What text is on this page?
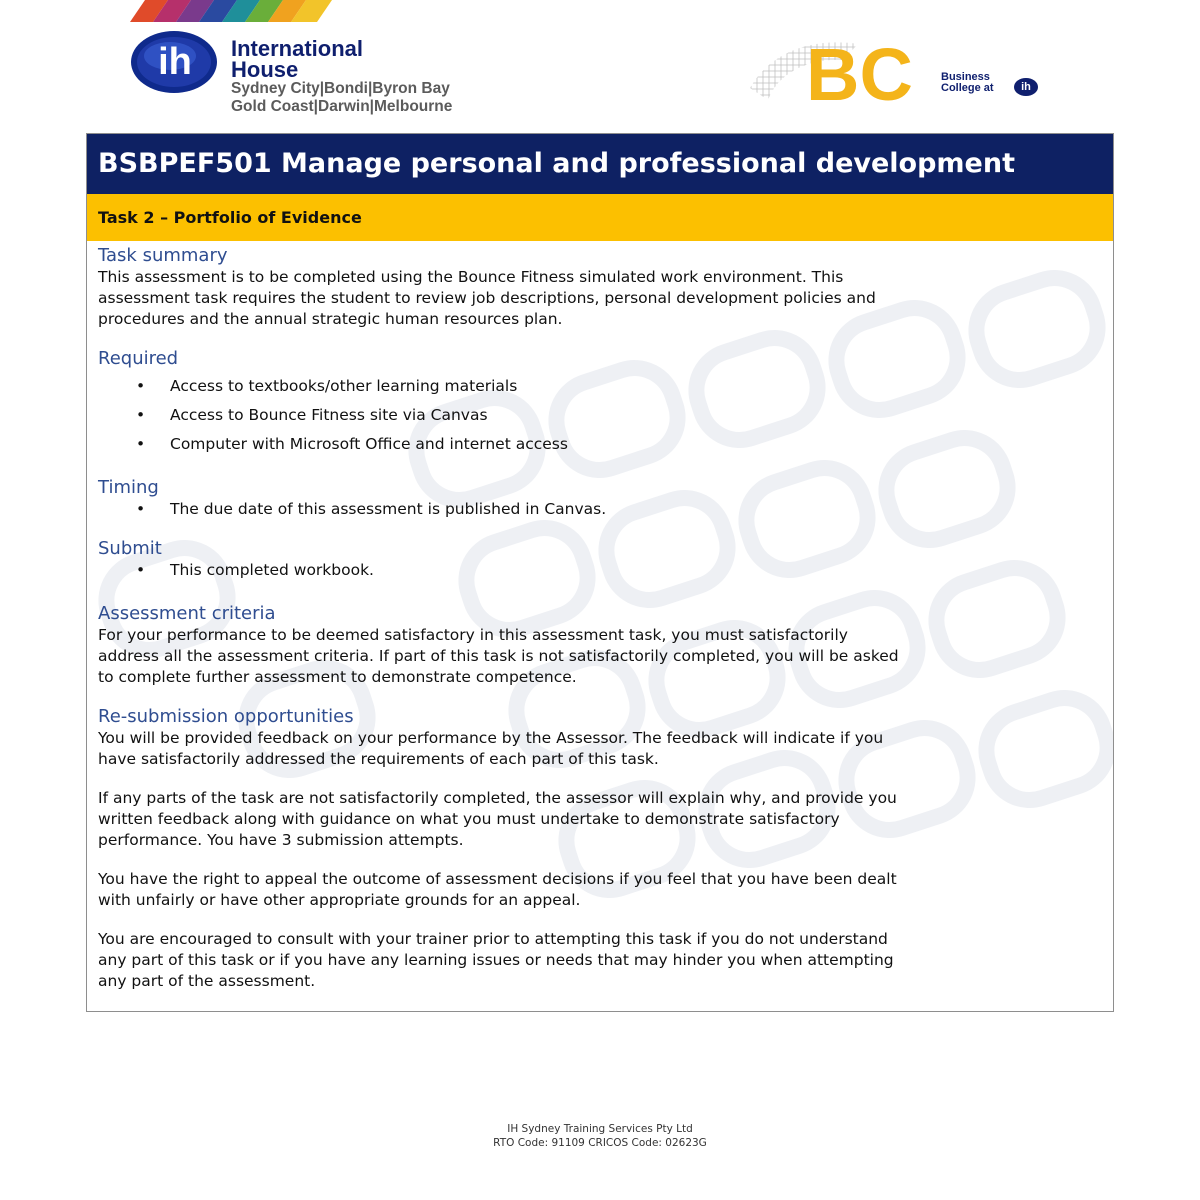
ih International
House
Sydney City|Bondi|Byron Bay
Gold Coast|Darwin|Melbourne	BC	Business
College at	ih
BSBPEF501 Manage personal and professional development
Task 2 – Portfolio of Evidence
Task summary

This assessment is to be completed using the Bounce Fitness simulated work environment. This
assessment task requires the student to review job descriptions, personal development policies and
procedures and the annual strategic human resources plan.

Required
• Access to textbooks/other learning materials
• Access to Bounce Fitness site via Canvas
• Computer with Microsoft Office and internet access
Timing
• The due date of this assessment is published in Canvas.
Submit
• This completed workbook.
Assessment criteria

For your performance to be deemed satisfactory in this assessment task, you must satisfactorily
address all the assessment criteria. If part of this task is not satisfactorily completed, you will be asked
to complete further assessment to demonstrate competence.

Re-submission opportunities

You will be provided feedback on your performance by the Assessor. The feedback will indicate if you
have satisfactorily addressed the requirements of each part of this task.

If any parts of the task are not satisfactorily completed, the assessor will explain why, and provide you
written feedback along with guidance on what you must undertake to demonstrate satisfactory
performance. You have 3 submission attempts.

You have the right to appeal the outcome of assessment decisions if you feel that you have been dealt
with unfairly or have other appropriate grounds for an appeal.

You are encouraged to consult with your trainer prior to attempting this task if you do not understand
any part of this task or if you have any learning issues or needs that may hinder you when attempting
any part of the assessment.

IH Sydney Training Services Pty Ltd
RTO Code: 91109 CRICOS Code: 02623G
